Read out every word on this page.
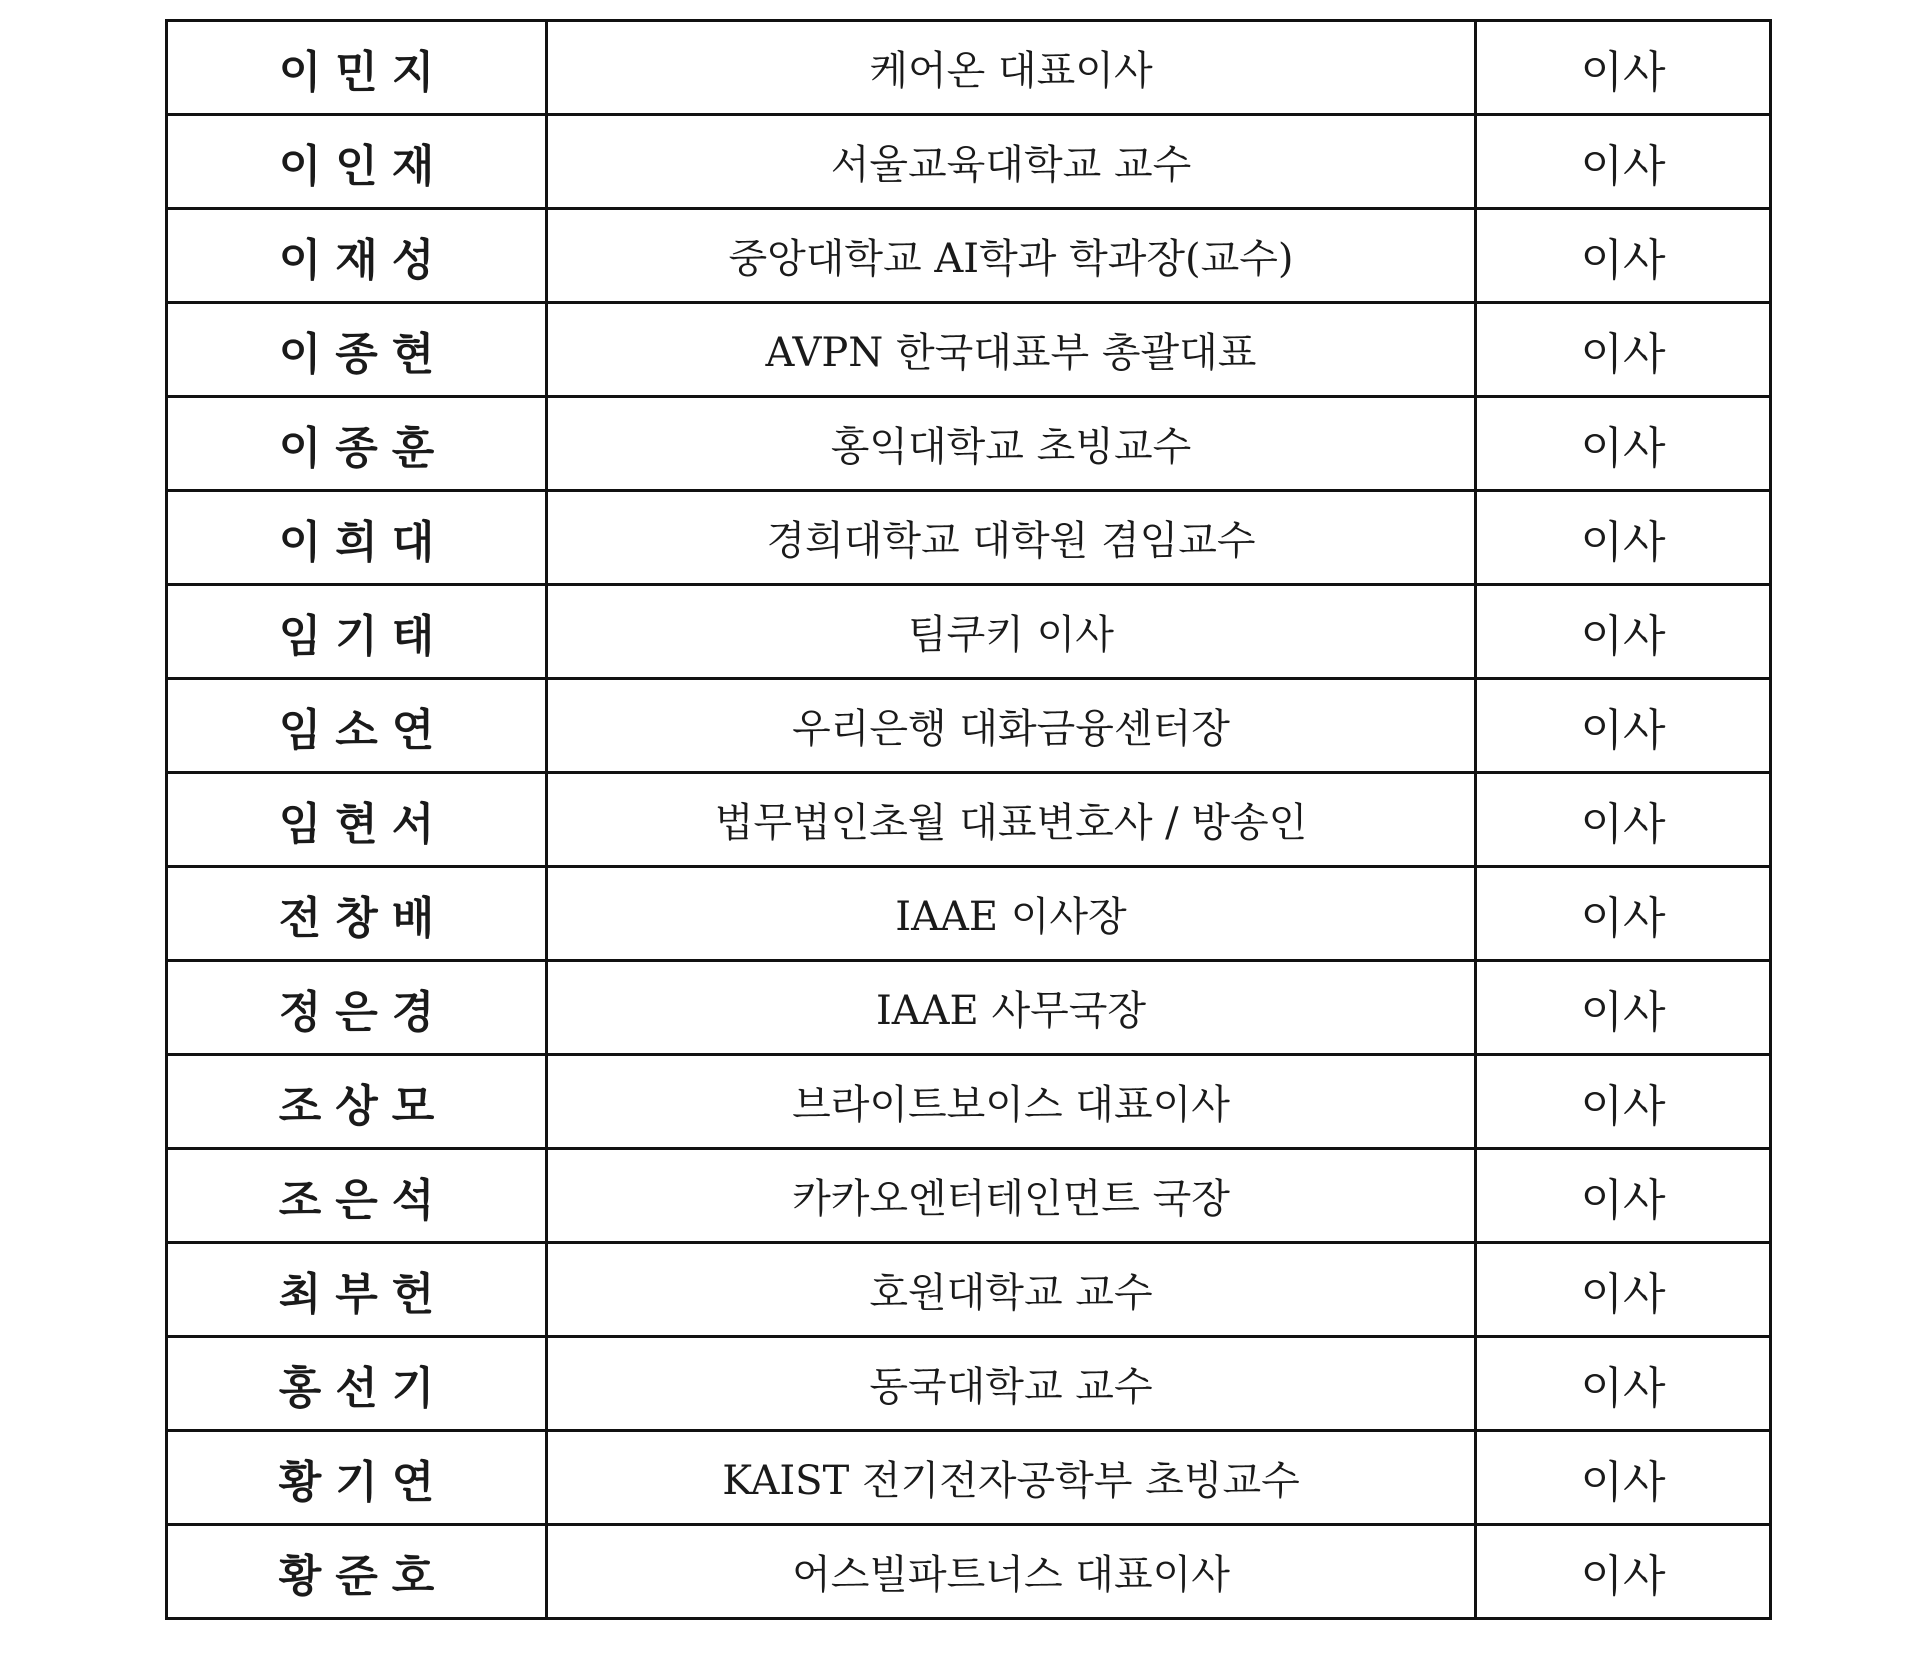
이민지	케어온 대표이사	이사
이인재	서울교육대학교 교수	이사
이재성	중앙대학교 AI학과 학과장(교수)	이사
이종현	AVPN 한국대표부 총괄대표	이사
이종훈	홍익대학교 초빙교수	이사
이희대	경희대학교 대학원 겸임교수	이사
임기태	팀쿠키 이사	이사
임소연	우리은행 대화금융센터장	이사
임현서	법무법인초월 대표변호사 / 방송인	이사
전창배	IAAE 이사장	이사
정은경	IAAE 사무국장	이사
조상모	브라이트보이스 대표이사	이사
조은석	카카오엔터테인먼트 국장	이사
최부헌	호원대학교 교수	이사
홍선기	동국대학교 교수	이사
황기연	KAIST 전기전자공학부 초빙교수	이사
황준호	어스빌파트너스 대표이사	이사
